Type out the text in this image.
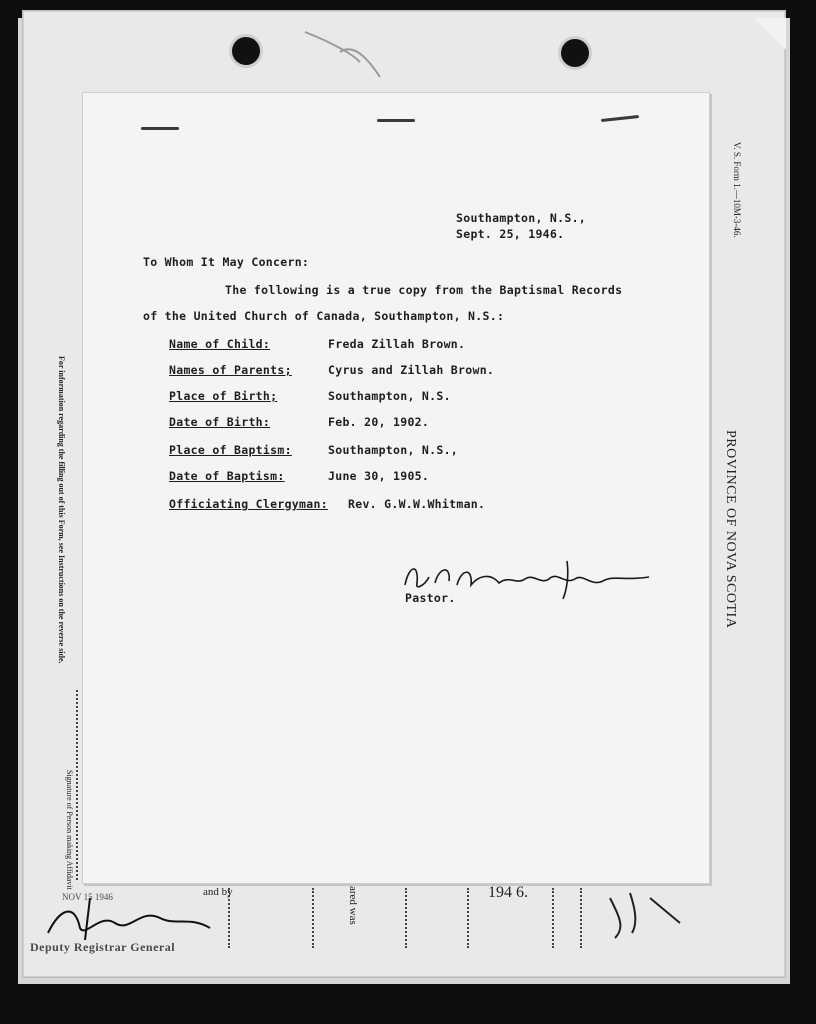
V. S. Form 1.—10M-3-46.
PROVINCE OF NOVA SCOTIA
For information regarding the filling out of this Form, see Instructions on the reverse side.
Signature of Person making Affidavit
and by	ared was	194 6.
NOV 15 1946
Deputy Registrar General
Southampton, N.S.,
Sept. 25, 1946.
To Whom It May Concern:
The following is a true copy from the Baptismal Records
of the United Church of Canada, Southampton, N.S.:
Name of Child:	Freda Zillah Brown.
Names of Parents;	Cyrus and Zillah Brown.
Place of Birth;	Southampton, N.S.
Date of Birth:	Feb. 20, 1902.
Place of Baptism:	Southampton, N.S.,
Date of Baptism:	June 30, 1905.
Officiating Clergyman: Rev. G.W.W.Whitman.
Pastor.
